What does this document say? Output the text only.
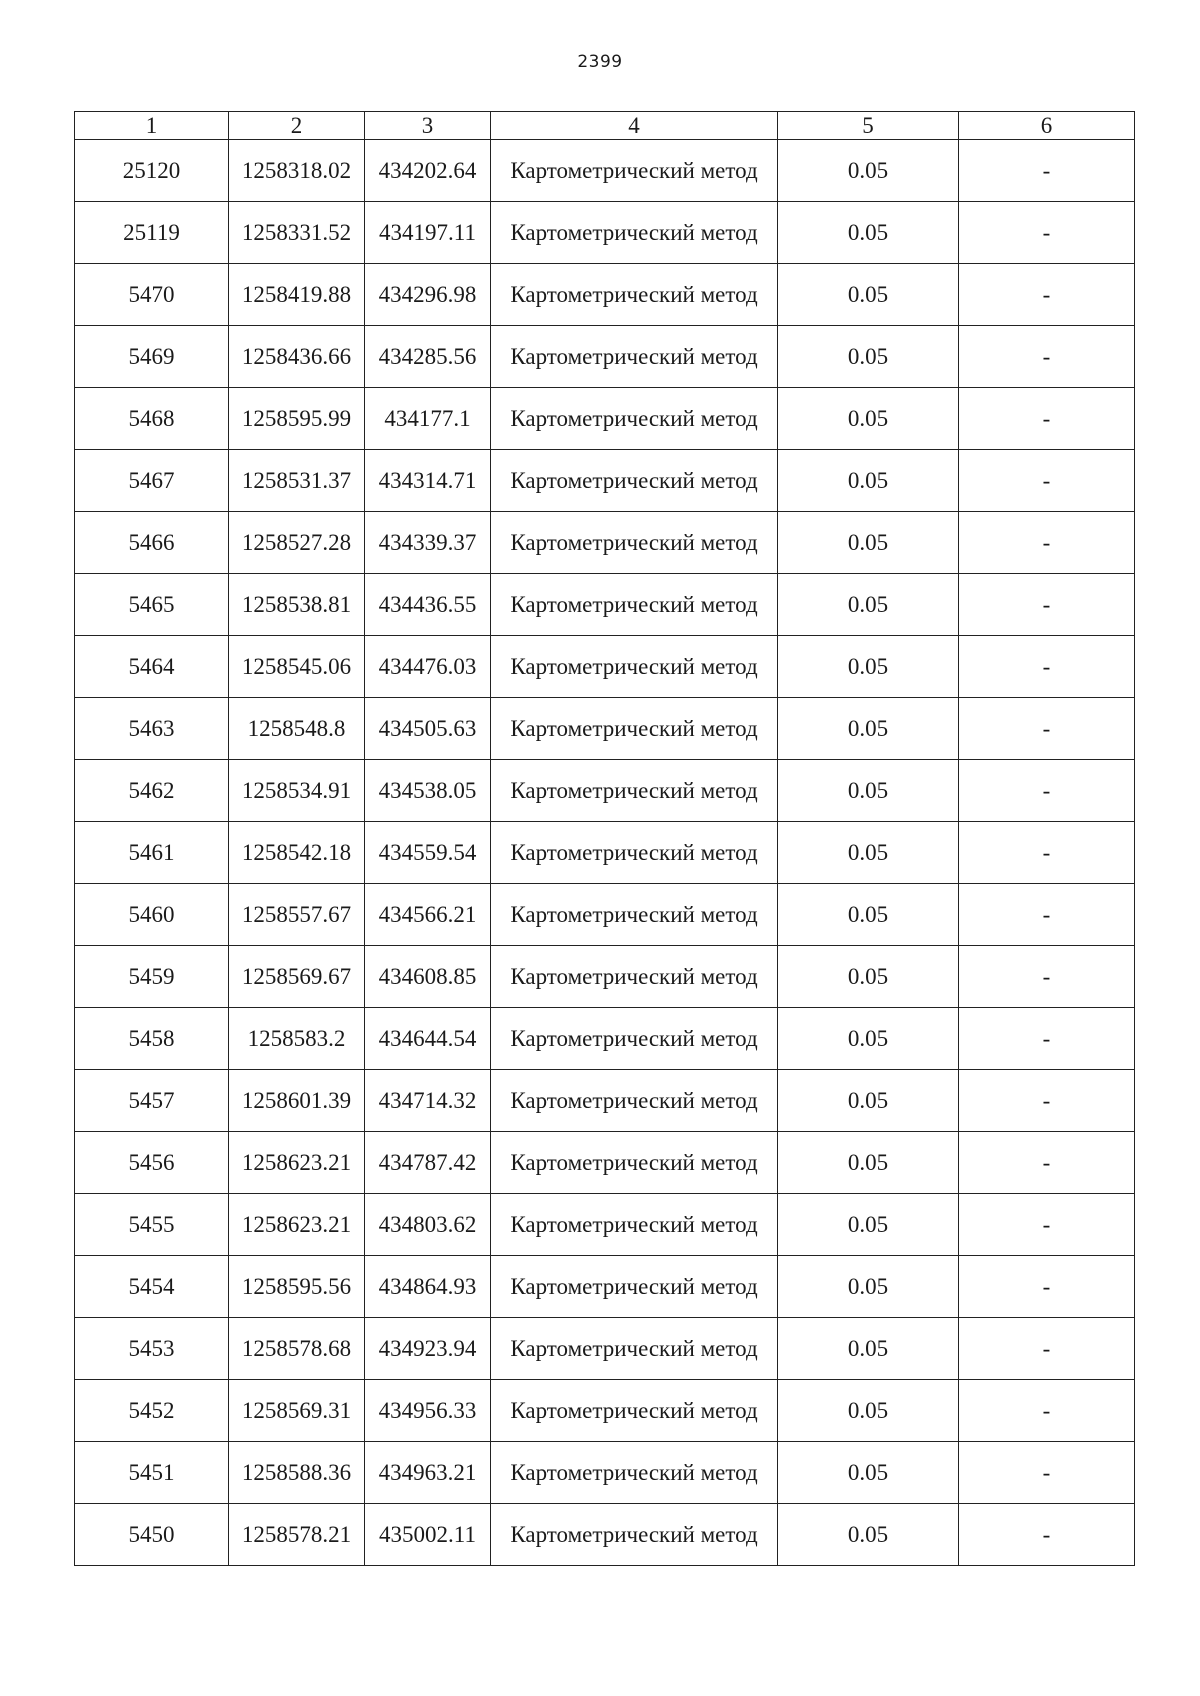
2399
1	2	3	4	5	6
25120	1258318.02	434202.64	Картометрический метод	0.05	-
25119	1258331.52	434197.11	Картометрический метод	0.05	-
5470	1258419.88	434296.98	Картометрический метод	0.05	-
5469	1258436.66	434285.56	Картометрический метод	0.05	-
5468	1258595.99	434177.1	Картометрический метод	0.05	-
5467	1258531.37	434314.71	Картометрический метод	0.05	-
5466	1258527.28	434339.37	Картометрический метод	0.05	-
5465	1258538.81	434436.55	Картометрический метод	0.05	-
5464	1258545.06	434476.03	Картометрический метод	0.05	-
5463	1258548.8	434505.63	Картометрический метод	0.05	-
5462	1258534.91	434538.05	Картометрический метод	0.05	-
5461	1258542.18	434559.54	Картометрический метод	0.05	-
5460	1258557.67	434566.21	Картометрический метод	0.05	-
5459	1258569.67	434608.85	Картометрический метод	0.05	-
5458	1258583.2	434644.54	Картометрический метод	0.05	-
5457	1258601.39	434714.32	Картометрический метод	0.05	-
5456	1258623.21	434787.42	Картометрический метод	0.05	-
5455	1258623.21	434803.62	Картометрический метод	0.05	-
5454	1258595.56	434864.93	Картометрический метод	0.05	-
5453	1258578.68	434923.94	Картометрический метод	0.05	-
5452	1258569.31	434956.33	Картометрический метод	0.05	-
5451	1258588.36	434963.21	Картометрический метод	0.05	-
5450	1258578.21	435002.11	Картометрический метод	0.05	-
